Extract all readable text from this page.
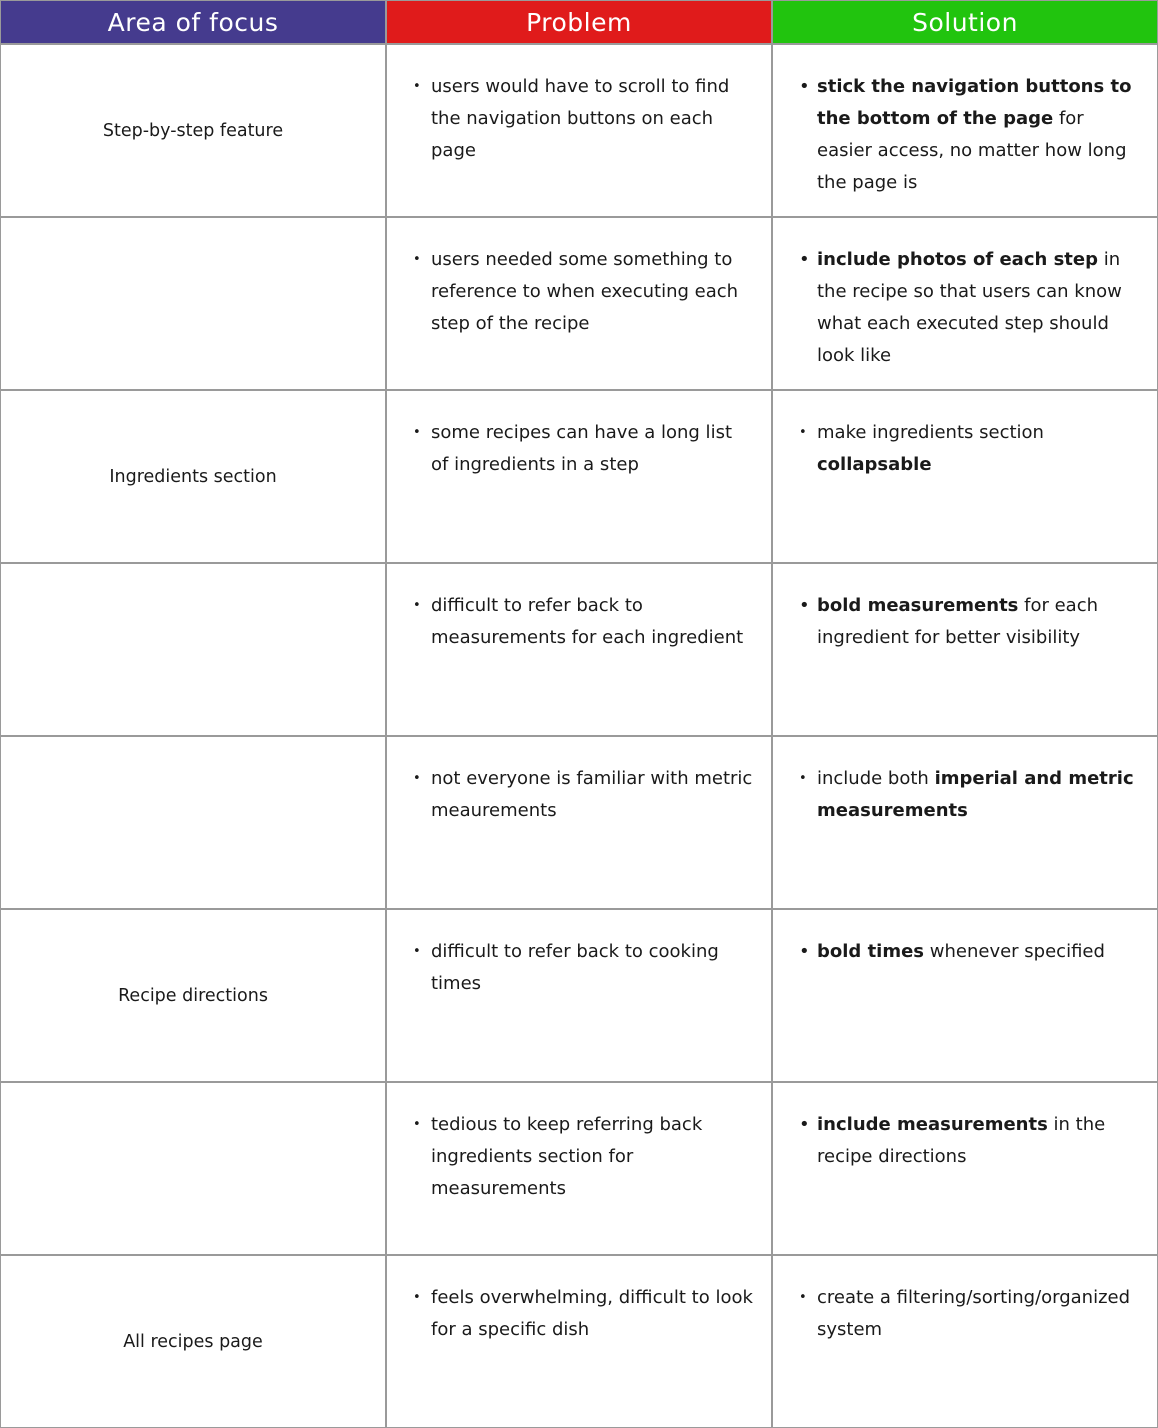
Area of focus	Problem	Solution
Step-by-step feature
• users would have to scroll to find the navigation buttons on each page
• stick the navigation buttons to the bottom of the page for easier access, no matter how long the page is
• users needed some something to reference to when executing each step of the recipe
• include photos of each step in the recipe so that users can know what each executed step should look like
Ingredients section
• some recipes can have a long list of ingredients in a step
• make ingredients section collapsable
• difficult to refer back to measurements for each ingredient
• bold measurements for each ingredient for better visibility
• not everyone is familiar with metric meaurements
• include both imperial and metric measurements
Recipe directions
• difficult to refer back to cooking times
• bold times whenever specified
• tedious to keep referring back ingredients section for measurements
• include measurements in the recipe directions
All recipes page
• feels overwhelming, difficult to look for a specific dish
• create a filtering/sorting/organized system
